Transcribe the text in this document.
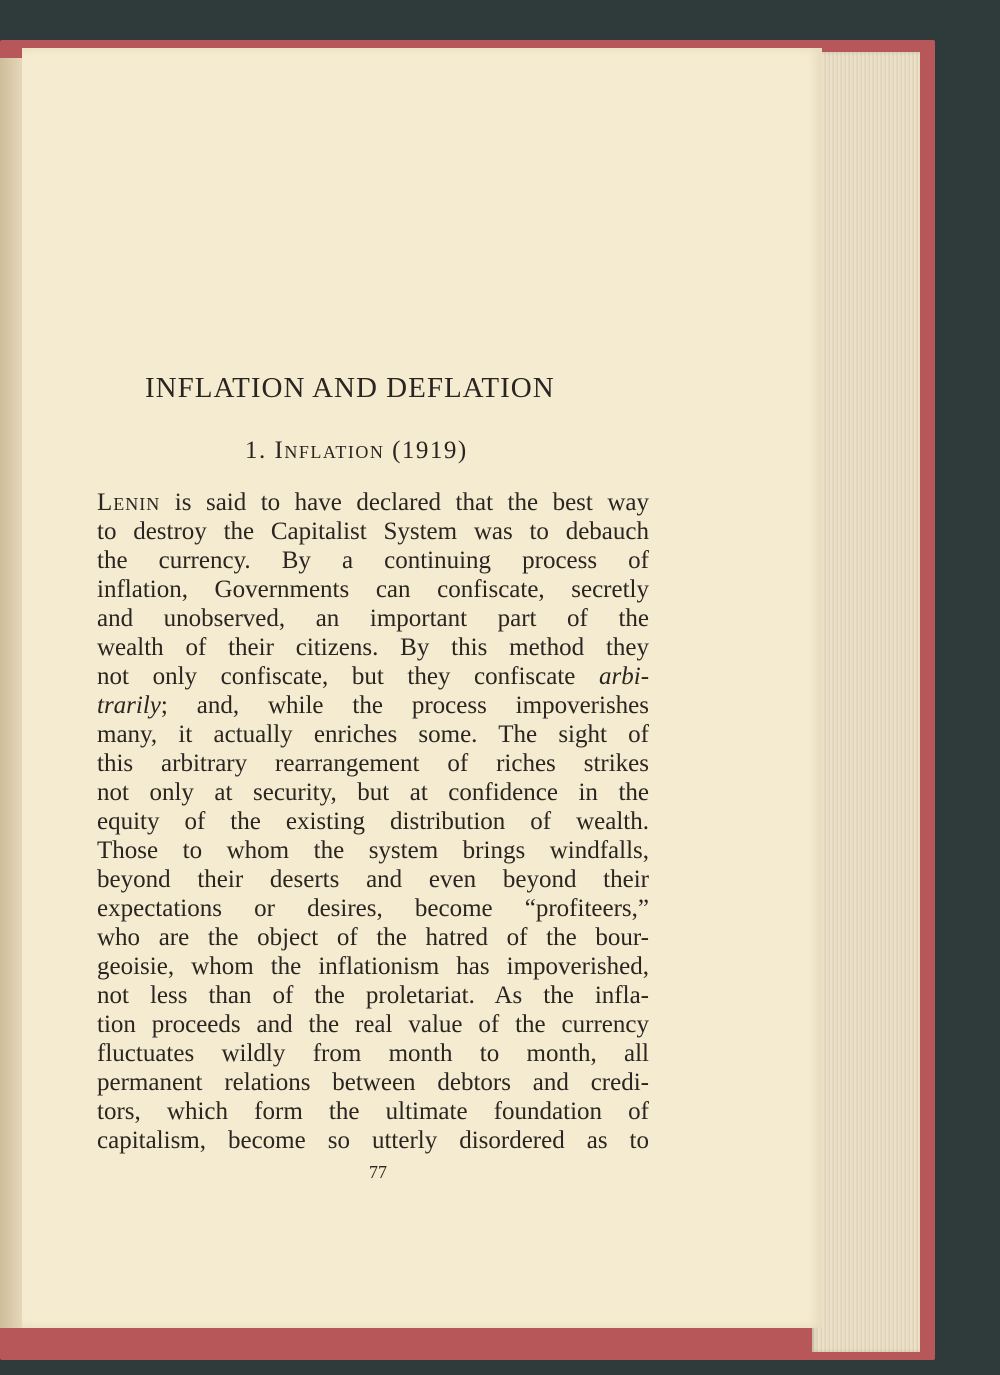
INFLATION AND DEFLATION
1. Inflation (1919)
Lenin is said to have declared that the best way
to destroy the Capitalist System was to debauch
the currency. By a continuing process of
inflation, Governments can confiscate, secretly
and unobserved, an important part of the
wealth of their citizens. By this method they
not only confiscate, but they confiscate arbi-
trarily; and, while the process impoverishes
many, it actually enriches some. The sight of
this arbitrary rearrangement of riches strikes
not only at security, but at confidence in the
equity of the existing distribution of wealth.
Those to whom the system brings windfalls,
beyond their deserts and even beyond their
expectations or desires, become “profiteers,”
who are the object of the hatred of the bour-
geoisie, whom the inflationism has impoverished,
not less than of the proletariat. As the infla-
tion proceeds and the real value of the currency
fluctuates wildly from month to month, all
permanent relations between debtors and credi-
tors, which form the ultimate foundation of
capitalism, become so utterly disordered as to
77
